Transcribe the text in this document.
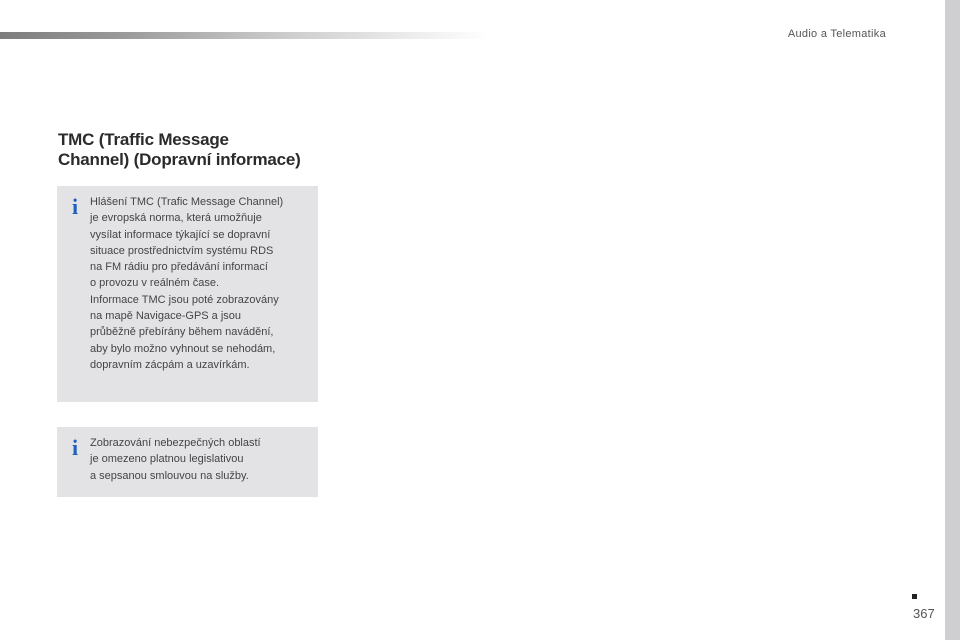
Audio a Telematika
TMC (Traffic Message
Channel) (Dopravní informace)
i Hlášení TMC (Trafic Message Channel)
je evropská norma, která umožňuje
vysílat informace týkající se dopravní
situace prostřednictvím systému RDS
na FM rádiu pro předávání informací
o provozu v reálném čase.
Informace TMC jsou poté zobrazovány
na mapě Navigace-GPS a jsou
průběžně přebírány během navádění,
aby bylo možno vyhnout se nehodám,
dopravním zácpám a uzavírkám.
i Zobrazování nebezpečných oblastí
je omezeno platnou legislativou
a sepsanou smlouvou na služby.
367
